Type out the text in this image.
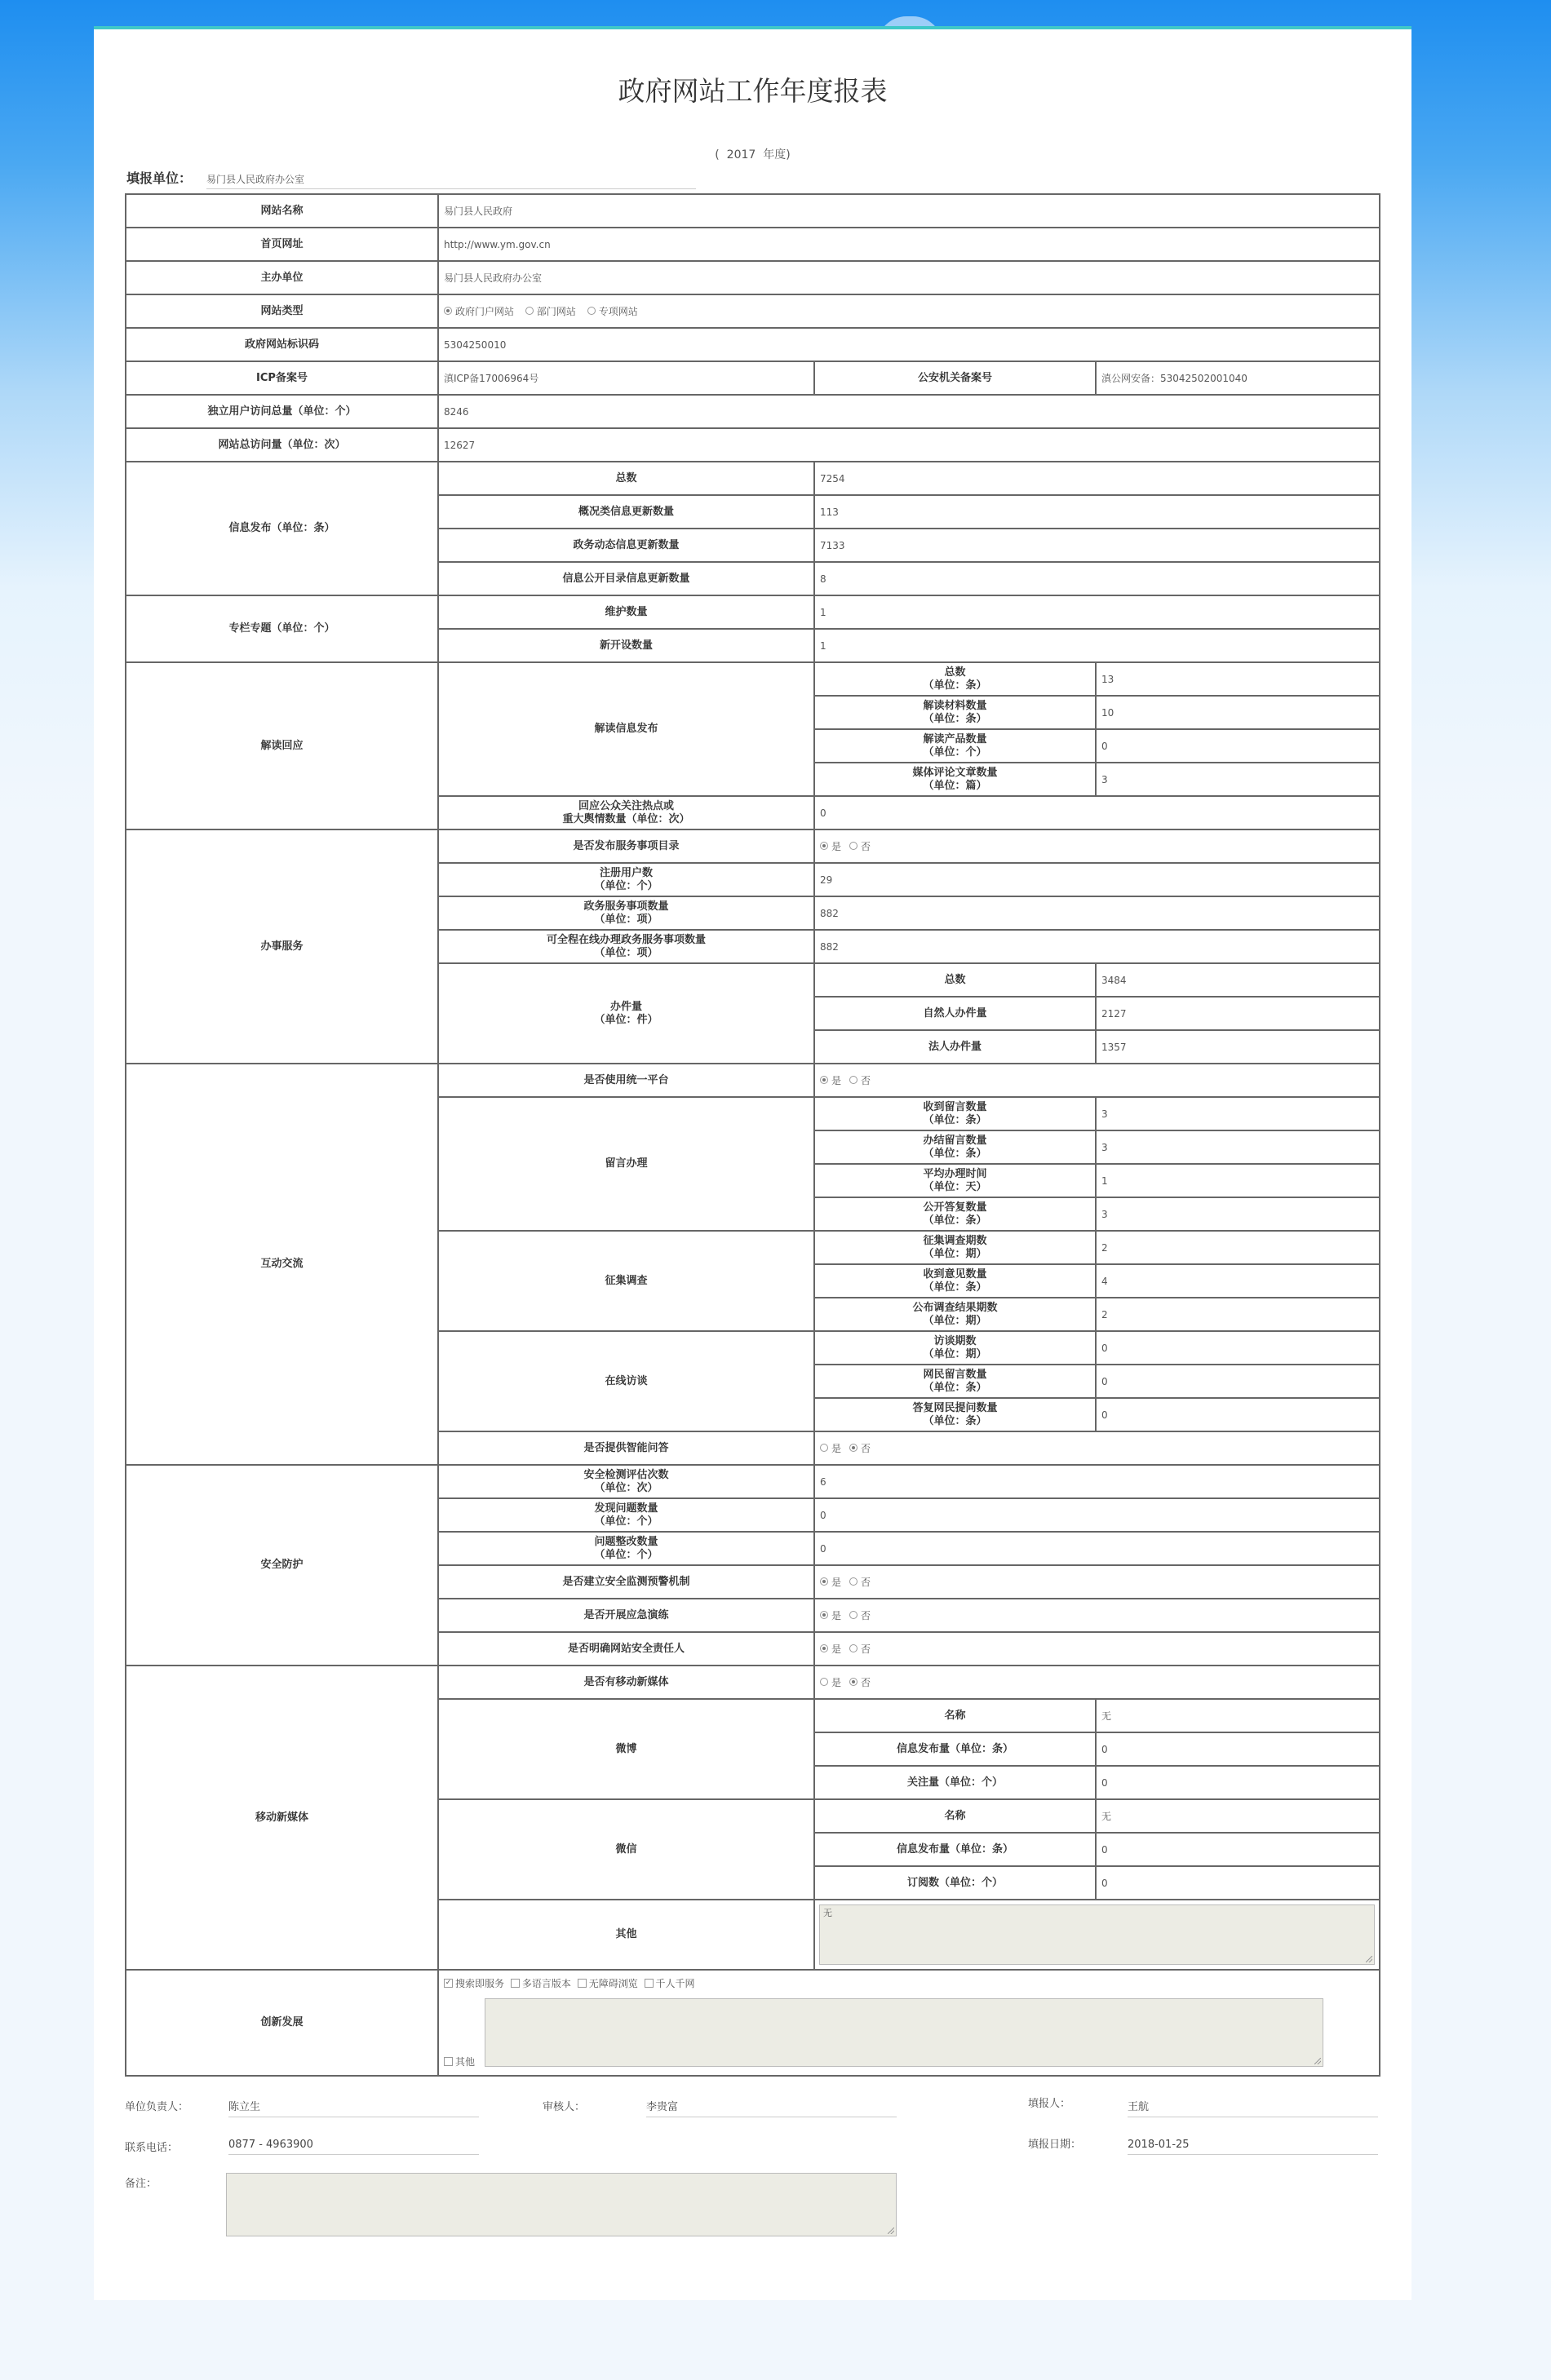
政府网站工作年度报表
( 2017 年度)
填报单位： 易门县人民政府办公室
网站名称	易门县人民政府		
首页网址	http://www.ym.gov.cn		
主办单位	易门县人民政府办公室		
网站类型	政府门户网站 部门网站 专项网站		
政府网站标识码	5304250010		
ICP备案号	滇ICP备17006964号	公安机关备案号	滇公网安备：53042502001040
独立用户访问总量（单位：个）	8246		
网站总访问量（单位：次）	12627		
信息发布（单位：条）	总数	7254	
	概况类信息更新数量	113	
	政务动态信息更新数量	7133	
	信息公开目录信息更新数量	8	
专栏专题（单位：个）	维护数量	1	
	新开设数量	1	
解读回应	解读信息发布	总数
（单位：条）	13

		解读材料数量
（单位：条）	10

		解读产品数量
（单位：个）	0

		媒体评论文章数量
（单位：篇）	3

	回应公众关注热点或
重大舆情数量（单位：次）	0	
办事服务	是否发布服务事项目录	是 否	

	注册用户数
（单位：个）	29	

	政务服务事项数量
（单位：项）	882	

	可全程在线办理政务服务事项数量
（单位：项）	882	

	办件量
（单位：件）	总数	3484
		自然人办件量	2127
		法人办件量	1357
互动交流	是否使用统一平台	是 否	
	留言办理	收到留言数量
（单位：条）	3

		办结留言数量
（单位：条）	3

		平均办理时间
（单位：天）	1

		公开答复数量
（单位：条）	3
	征集调查	征集调查期数
（单位：期）	2

		收到意见数量
（单位：条）	4

		公布调查结果期数
（单位：期）	2
	在线访谈	访谈期数
（单位：期）	0

		网民留言数量
（单位：条）	0

		答复网民提问数量
（单位：条）	0
	是否提供智能问答	是 否	
安全防护	安全检测评估次数
（单位：次）	6	

	发现问题数量
（单位：个）	0	

	问题整改数量
（单位：个）	0	
	是否建立安全监测预警机制	是 否	
	是否开展应急演练	是 否	
	是否明确网站安全责任人	是 否	
移动新媒体	是否有移动新媒体	是 否	
	微博	名称	无
		信息发布量（单位：条）	0
		关注量（单位：个）	0
	微信	名称	无
		信息发布量（单位：条）	0
		订阅数（单位：个）	0
	其他	无	

创新发展	✓ 搜索即服务 多语言版本 无障碍浏览 千人千网
其他		
单位负责人：	陈立生	审核人：	李贵富	填报人：	王航
联系电话：	0877 - 4963900	填报日期：	2018-01-25
备注：
